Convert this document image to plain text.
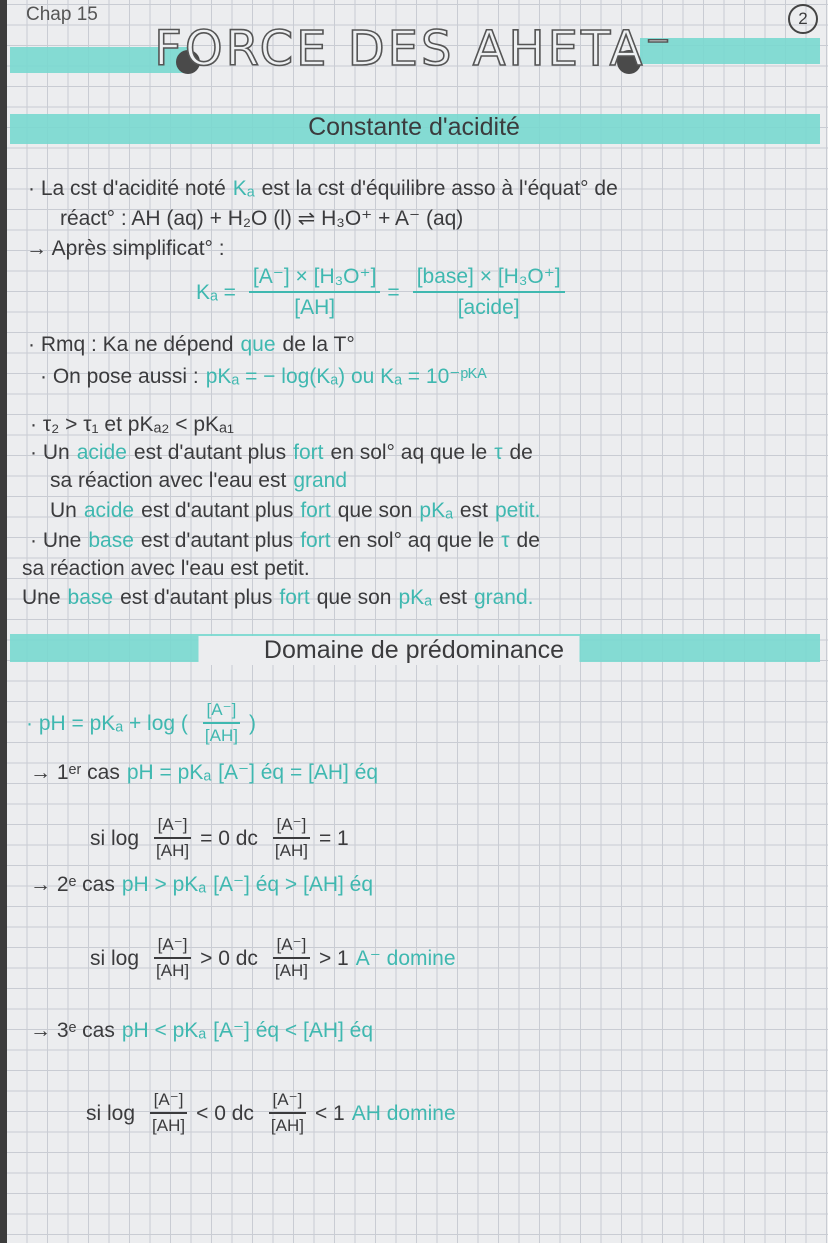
Chap 15	2
FORCE DES AHETA⁻
Constante d'acidité
Domaine de prédominance
· La cst d'acidité noté Kₐ est la cst d'équilibre asso à l'équat° de
réact° : AH (aq) + H₂O (l) ⇌ H₃O⁺ + A⁻ (aq)
→ Après simplificat° :
$K_a = \frac{\text{[A⁻] × [H₃O⁺]}}{[AH]} = \frac{\text{[base] × [H₃O⁺]}}{\text{[acide]}}$
· Rmq : Ka ne dépend que de la T°
· On pose aussi : pKₐ = − log(Kₐ) ou Kₐ = 10⁻ᵖᴷᴬ
· τ₂ > τ₁ et pKₐ₂ < pKₐ₁
· Un acide est d'autant plus fort en sol° aq que le τ de
sa réaction avec l'eau est grand
Un acide est d'autant plus fort que son pKₐ est petit.
· Une base est d'autant plus fort en sol° aq que le τ de
sa réaction avec l'eau est petit.
Une base est d'autant plus fort que son pKₐ est grand.
· pH = pKₐ + log ( $\frac{[A^-]}{[AH]}$ )
→ 1ᵉʳ cas pH = pKₐ [A⁻] éq = [AH] éq
si $\log \frac{[A^-]}{[AH]} = 0$ dc $\frac{[A^-]}{[AH]} = 1$
→ 2ᵉ cas pH > pKₐ [A⁻] éq > [AH] éq
si $\log \frac{[A^-]}{[AH]} > 0$ dc $\frac{[A^-]}{[AH]} > 1$ A⁻ domine
→ 3ᵉ cas pH < pKₐ [A⁻] éq < [AH] éq
si $\log \frac{[A^-]}{[AH]} < 0$ dc $\frac{[A^-]}{[AH]} < 1$ AH domine
